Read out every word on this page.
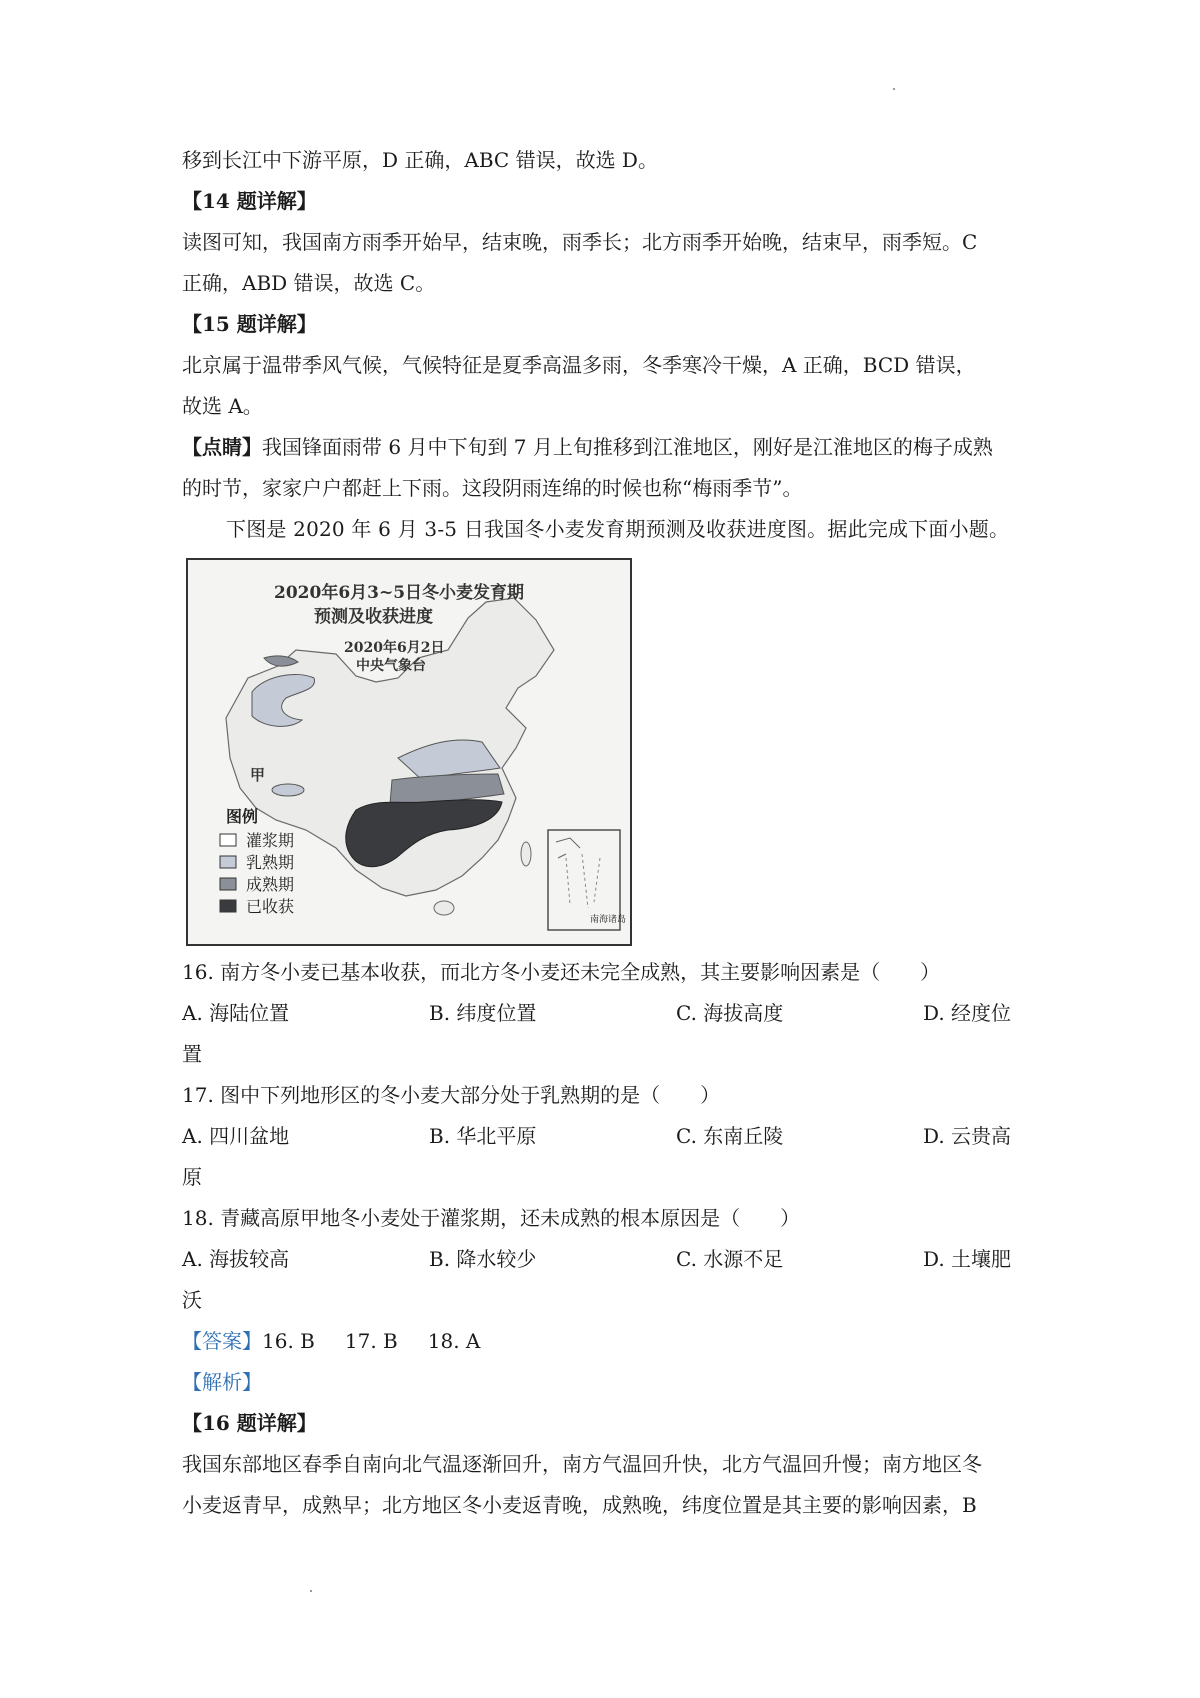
移到长江中下游平原，D 正确，ABC 错误，故选 D。

【14 题详解】

读图可知，我国南方雨季开始早，结束晚，雨季长；北方雨季开始晚，结束早，雨季短。C

正确，ABD 错误，故选 C。

【15 题详解】

北京属于温带季风气候，气候特征是夏季高温多雨，冬季寒冷干燥，A 正确，BCD 错误，

故选 A。

【点睛】我国锋面雨带 6 月中下旬到 7 月上旬推移到江淮地区，刚好是江淮地区的梅子成熟

的时节，家家户户都赶上下雨。这段阴雨连绵的时候也称“梅雨季节”。

下图是 2020 年 6 月 3-5 日我国冬小麦发育期预测及收获进度图。据此完成下面小题。

甲
2020年6月3~5日冬小麦发育期
预测及收获进度
2020年6月2日
中央气象台
图例
灌浆期
乳熟期
成熟期
已收获
南海诸岛

16. 南方冬小麦已基本收获，而北方冬小麦还未完全成熟，其主要影响因素是（　　）

A. 海陆位置	B. 纬度位置	C. 海拔高度	D. 经度位

置

17. 图中下列地形区的冬小麦大部分处于乳熟期的是（　　）

A. 四川盆地	B. 华北平原	C. 东南丘陵	D. 云贵高

原

18. 青藏高原甲地冬小麦处于灌浆期，还未成熟的根本原因是（　　）

A. 海拔较高	B. 降水较少	C. 水源不足	D. 土壤肥

沃

【答案】16. B 17. B 18. A

【解析】

【16 题详解】

我国东部地区春季自南向北气温逐渐回升，南方气温回升快，北方气温回升慢；南方地区冬

小麦返青早，成熟早；北方地区冬小麦返青晚，成熟晚，纬度位置是其主要的影响因素，B
